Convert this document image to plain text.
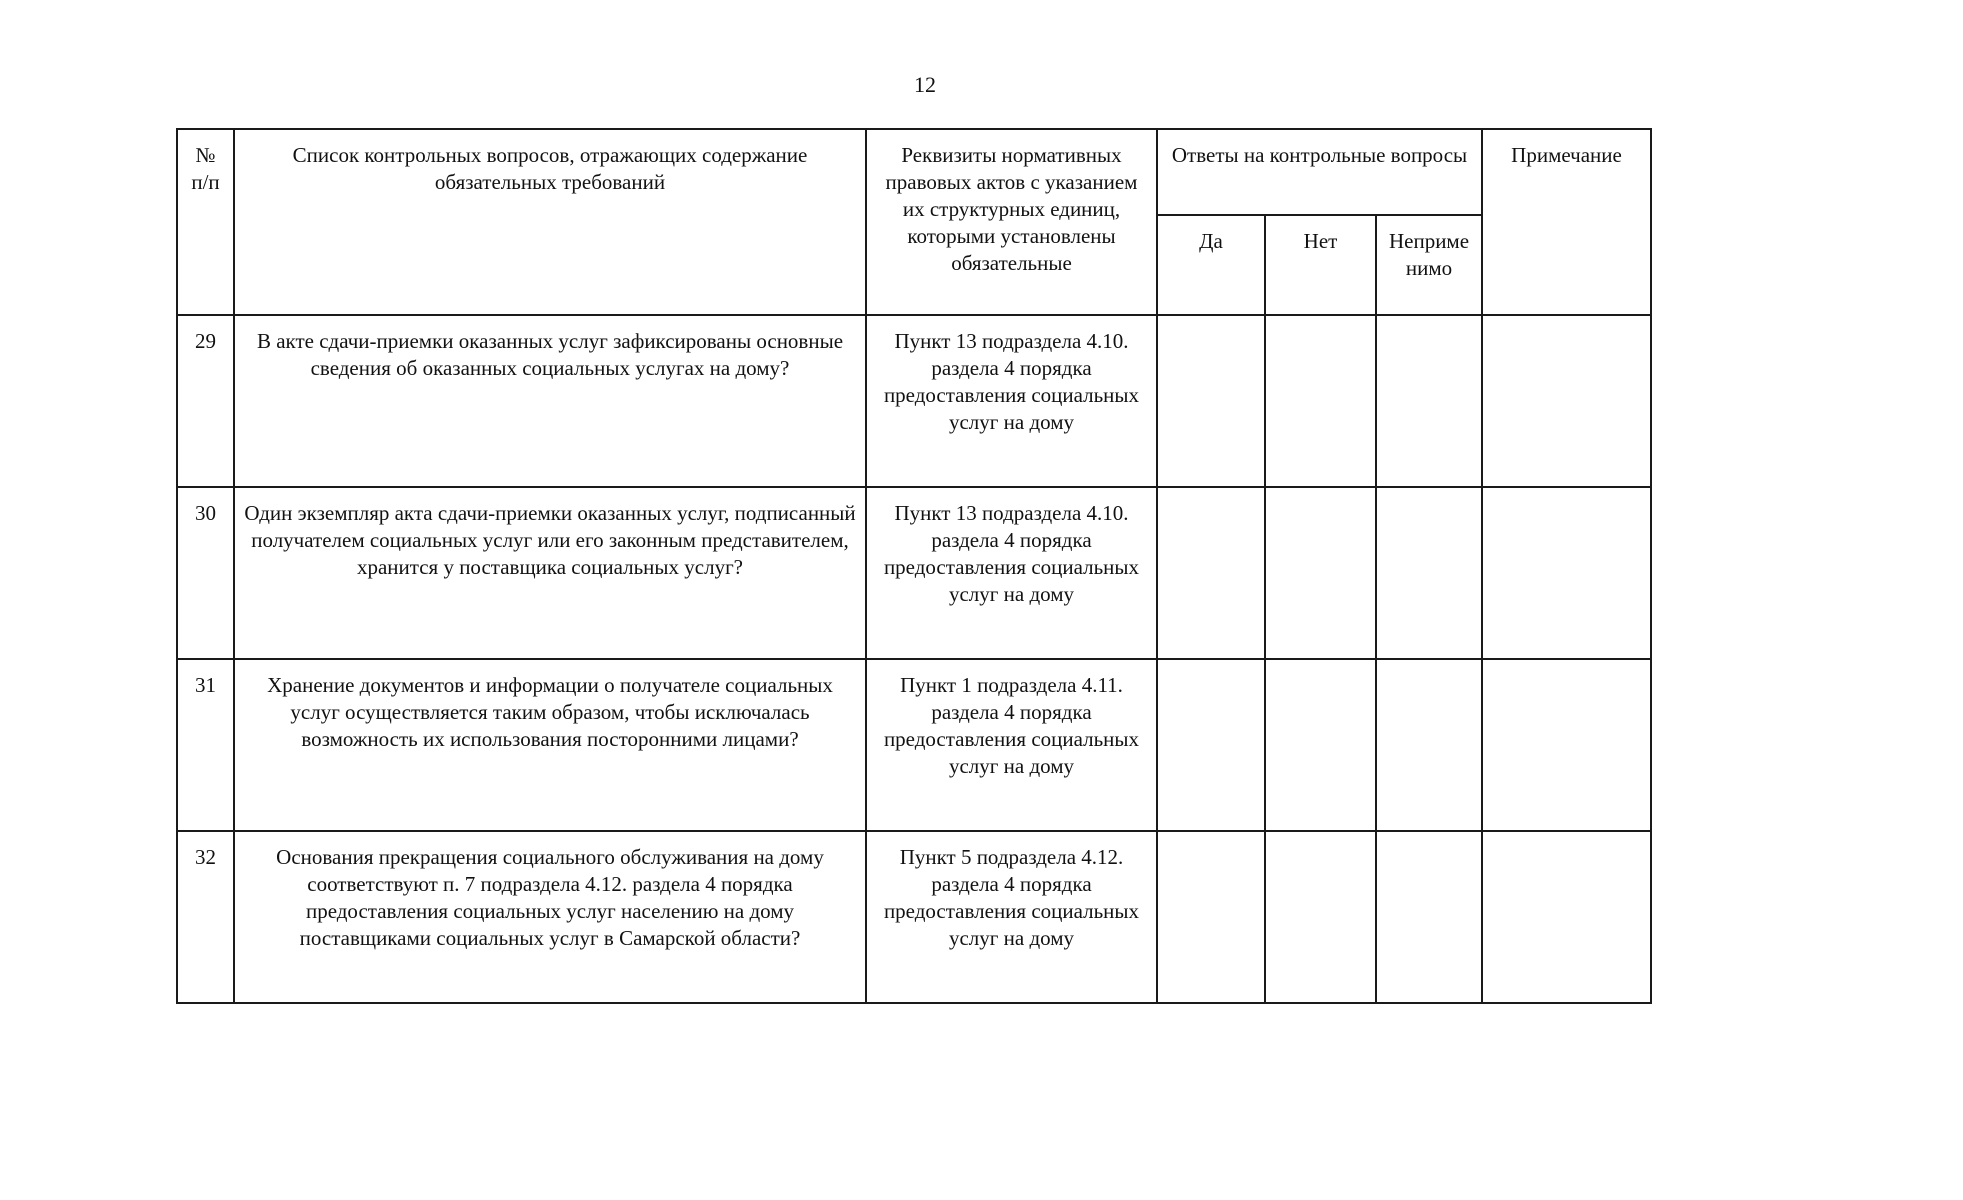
12
№ п/п	Список контрольных вопросов, отражающих содержание обязательных требований	Реквизиты нормативных правовых актов с указанием их структурных единиц, которыми установлены обязательные	Ответы на контрольные вопросы			Примечание
			Да	Нет	Неприме нимо	
29	В акте сдачи-приемки оказанных услуг зафиксированы основные сведения об оказанных социальных услугах на дому?	Пункт 13 подраздела 4.10. раздела 4 порядка предоставления социальных услуг на дому				
30	Один экземпляр акта сдачи-приемки оказанных услуг, подписанный получателем социальных услуг или его законным представителем, хранится у поставщика социальных услуг?	Пункт 13 подраздела 4.10. раздела 4 порядка предоставления социальных услуг на дому				
31	Хранение документов и информации о получателе социальных услуг осуществляется таким образом, чтобы исключалась возможность их использования посторонними лицами?	Пункт 1 подраздела 4.11. раздела 4 порядка предоставления социальных услуг на дому				
32	Основания прекращения социального обслуживания на дому соответствуют п. 7 подраздела 4.12. раздела 4 порядка предоставления социальных услуг населению на дому поставщиками социальных услуг в Самарской области?	Пункт 5 подраздела 4.12. раздела 4 порядка предоставления социальных услуг на дому				
